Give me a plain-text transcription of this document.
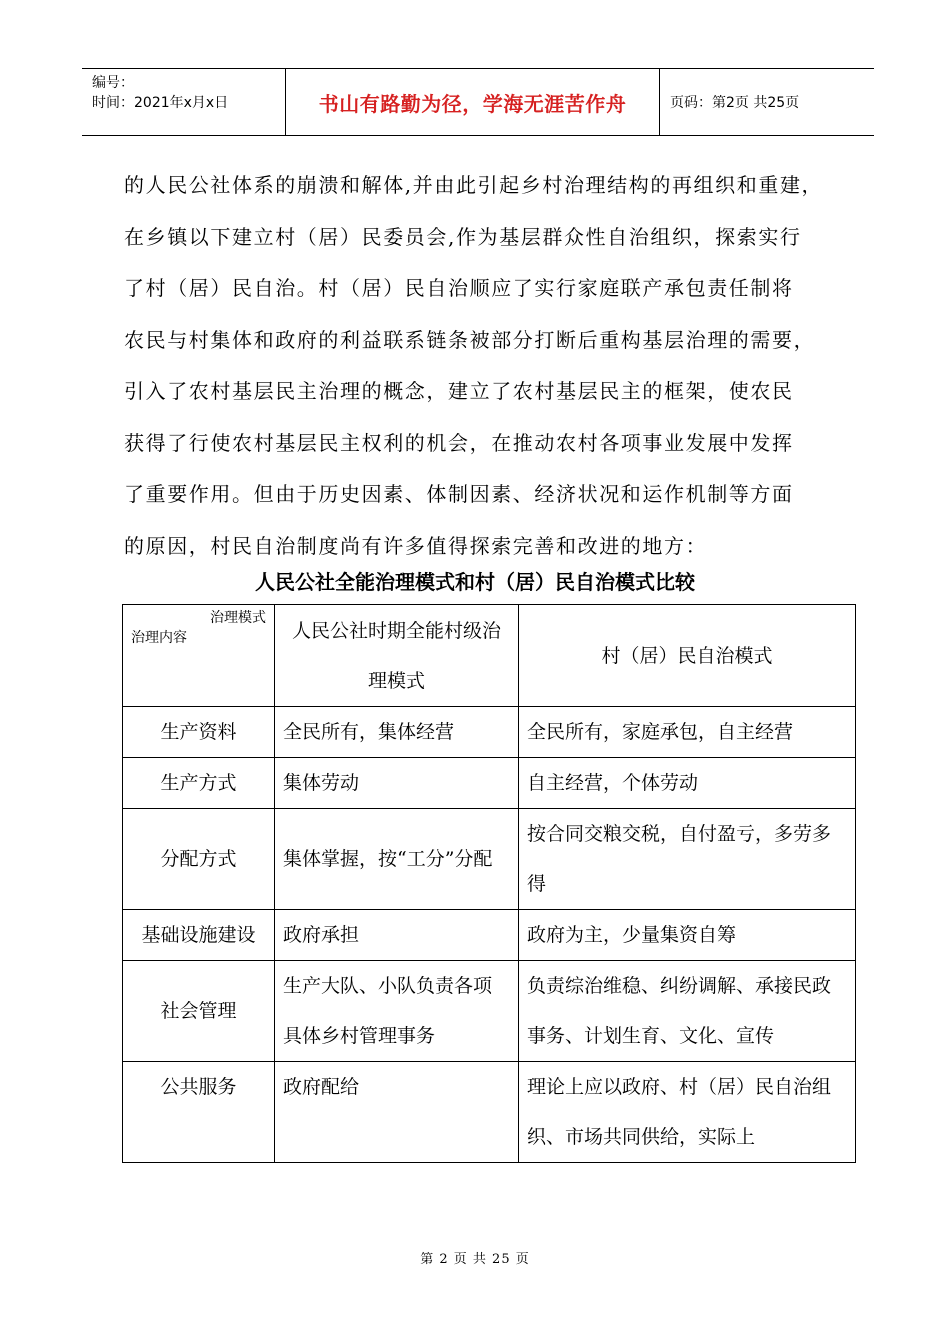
编号：
时间：2021年x月x日	书山有路勤为径，学海无涯苦作舟	页码：第2页 共25页

的人民公社体系的崩溃和解体,并由此引起乡村治理结构的再组织和重建，

在乡镇以下建立村（居）民委员会,作为基层群众性自治组织，探索实行

了村（居）民自治。村（居）民自治顺应了实行家庭联产承包责任制将

农民与村集体和政府的利益联系链条被部分打断后重构基层治理的需要，

引入了农村基层民主治理的概念，建立了农村基层民主的框架，使农民

获得了行使农村基层民主权利的机会，在推动农村各项事业发展中发挥

了重要作用。但由于历史因素、体制因素、经济状况和运作机制等方面

的原因，村民自治制度尚有许多值得探索完善和改进的地方：

人民公社全能治理模式和村（居）民自治模式比较
治理模式
治理内容	人民公社时期全能村级治理模式	村（居）民自治模式
生产资料	全民所有，集体经营	全民所有，家庭承包，自主经营
生产方式	集体劳动	自主经营，个体劳动
分配方式	集体掌握，按“工分”分配	按合同交粮交税，自付盈亏，多劳多得
基础设施建设	政府承担	政府为主，少量集资自筹
社会管理	生产大队、小队负责各项具体乡村管理事务	负责综治维稳、纠纷调解、承接民政事务、计划生育、文化、宣传
公共服务	政府配给	理论上应以政府、村（居）民自治组织、市场共同供给，实际上
第 2 页 共 25 页
